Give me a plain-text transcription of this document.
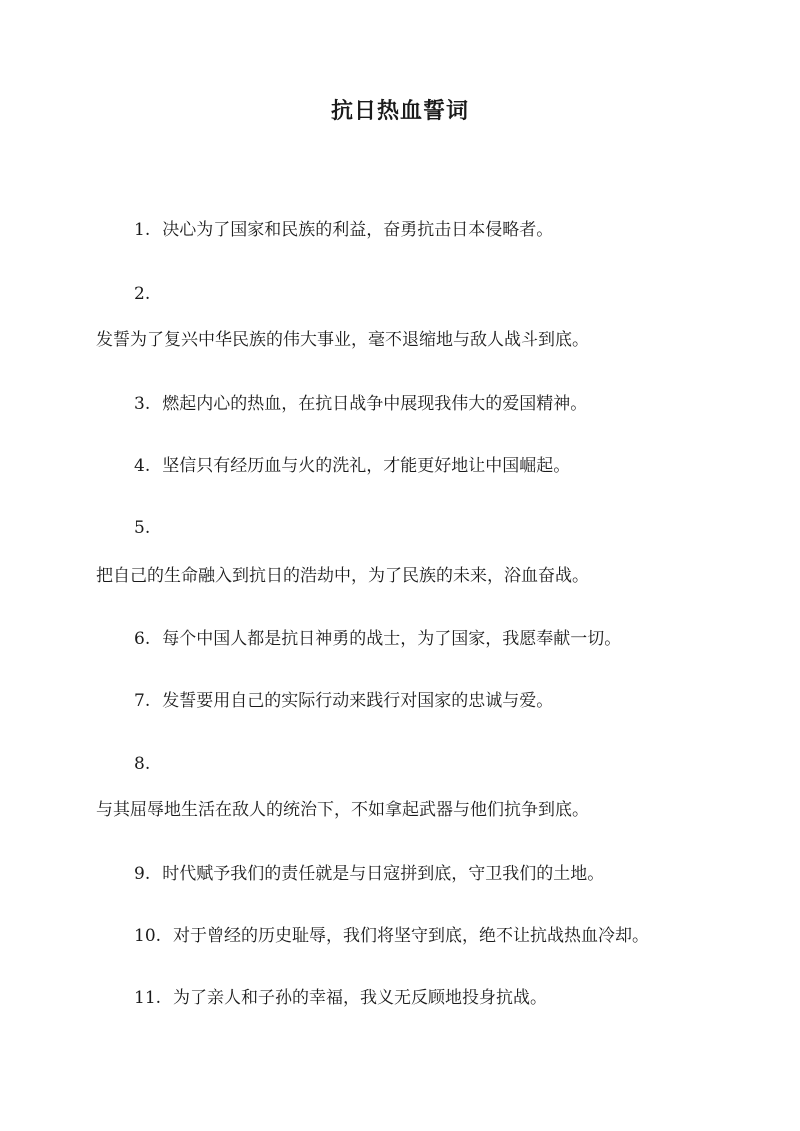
抗日热血誓词

1. 决心为了国家和民族的利益，奋勇抗击日本侵略者。

2.

发誓为了复兴中华民族的伟大事业，毫不退缩地与敌人战斗到底。

3. 燃起内心的热血，在抗日战争中展现我伟大的爱国精神。

4. 坚信只有经历血与火的洗礼，才能更好地让中国崛起。

5.

把自己的生命融入到抗日的浩劫中，为了民族的未来，浴血奋战。

6. 每个中国人都是抗日神勇的战士，为了国家，我愿奉献一切。

7. 发誓要用自己的实际行动来践行对国家的忠诚与爱。

8.

与其屈辱地生活在敌人的统治下，不如拿起武器与他们抗争到底。

9. 时代赋予我们的责任就是与日寇拼到底，守卫我们的土地。

10. 对于曾经的历史耻辱，我们将坚守到底，绝不让抗战热血冷却。

11. 为了亲人和子孙的幸福，我义无反顾地投身抗战。
